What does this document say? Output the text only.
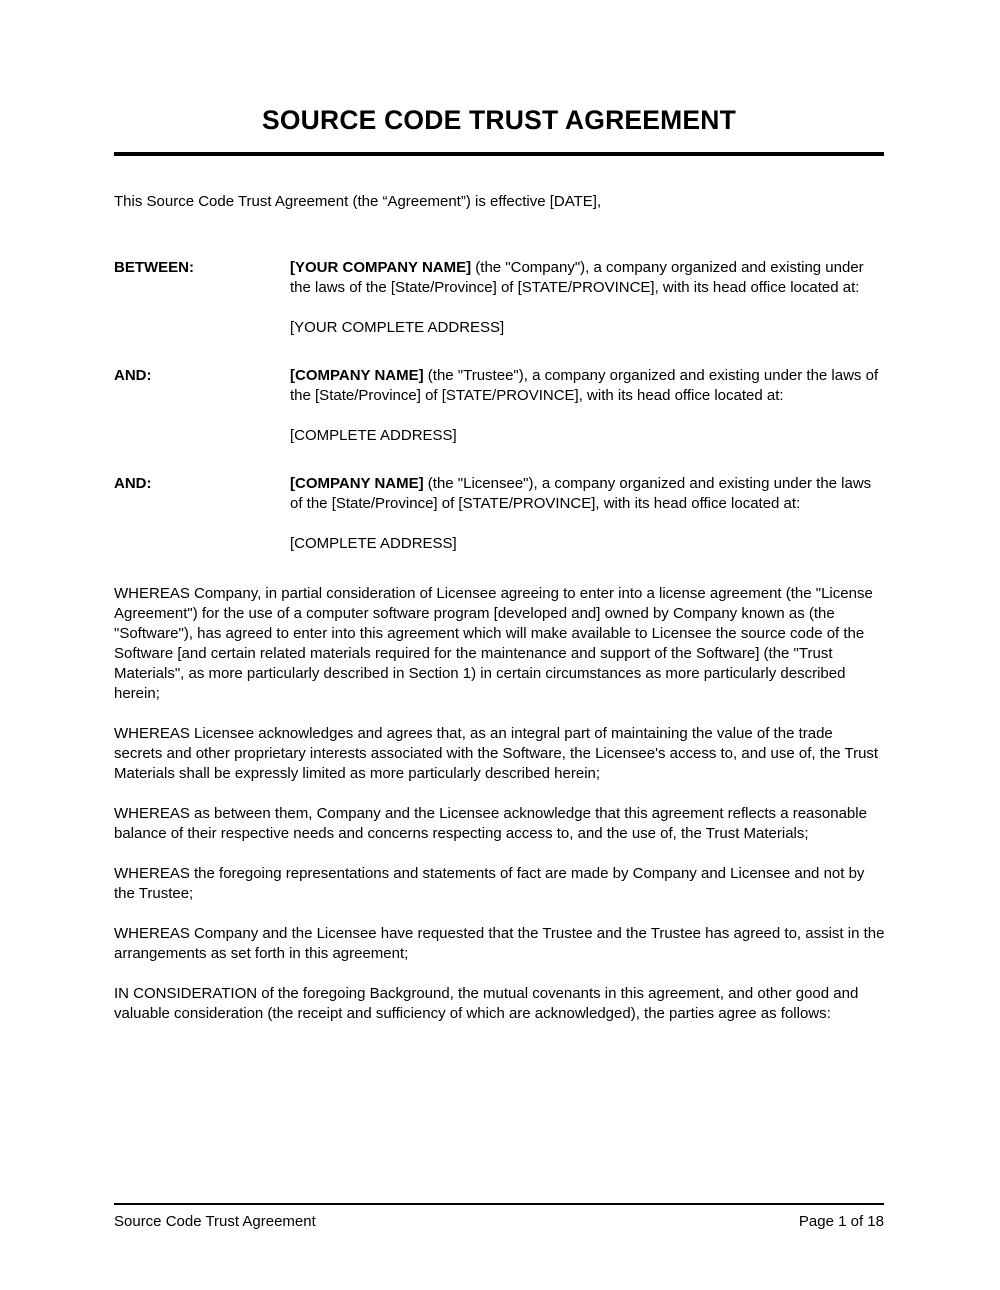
SOURCE CODE TRUST AGREEMENT

This Source Code Trust Agreement (the “Agreement”) is effective [DATE],

BETWEEN:	[YOUR COMPANY NAME] (the "Company"), a company organized and existing under the laws of the [State/Province] of [STATE/PROVINCE], with its head office located at:
[YOUR COMPLETE ADDRESS]
AND:	[COMPANY NAME] (the "Trustee"), a company organized and existing under the laws of the [State/Province] of [STATE/PROVINCE], with its head office located at:
[COMPLETE ADDRESS]
AND:	[COMPANY NAME] (the "Licensee"), a company organized and existing under the laws of the [State/Province] of [STATE/PROVINCE], with its head office located at:
[COMPLETE ADDRESS]

WHEREAS Company, in partial consideration of Licensee agreeing to enter into a license agreement (the "License Agreement") for the use of a computer software program [developed and] owned by Company known as (the "Software"), has agreed to enter into this agreement which will make available to Licensee the source code of the Software [and certain related materials required for the maintenance and support of the Software] (the "Trust Materials", as more particularly described in Section 1) in certain circumstances as more particularly described herein;

WHEREAS Licensee acknowledges and agrees that, as an integral part of maintaining the value of the trade secrets and other proprietary interests associated with the Software, the Licensee's access to, and use of, the Trust Materials shall be expressly limited as more particularly described herein;

WHEREAS as between them, Company and the Licensee acknowledge that this agreement reflects a reasonable balance of their respective needs and concerns respecting access to, and the use of, the Trust Materials;

WHEREAS the foregoing representations and statements of fact are made by Company and Licensee and not by the Trustee;

WHEREAS Company and the Licensee have requested that the Trustee and the Trustee has agreed to, assist in the arrangements as set forth in this agreement;

IN CONSIDERATION of the foregoing Background, the mutual covenants in this agreement, and other good and valuable consideration (the receipt and sufficiency of which are acknowledged), the parties agree as follows:

Source Code Trust Agreement	Page 1 of 18
